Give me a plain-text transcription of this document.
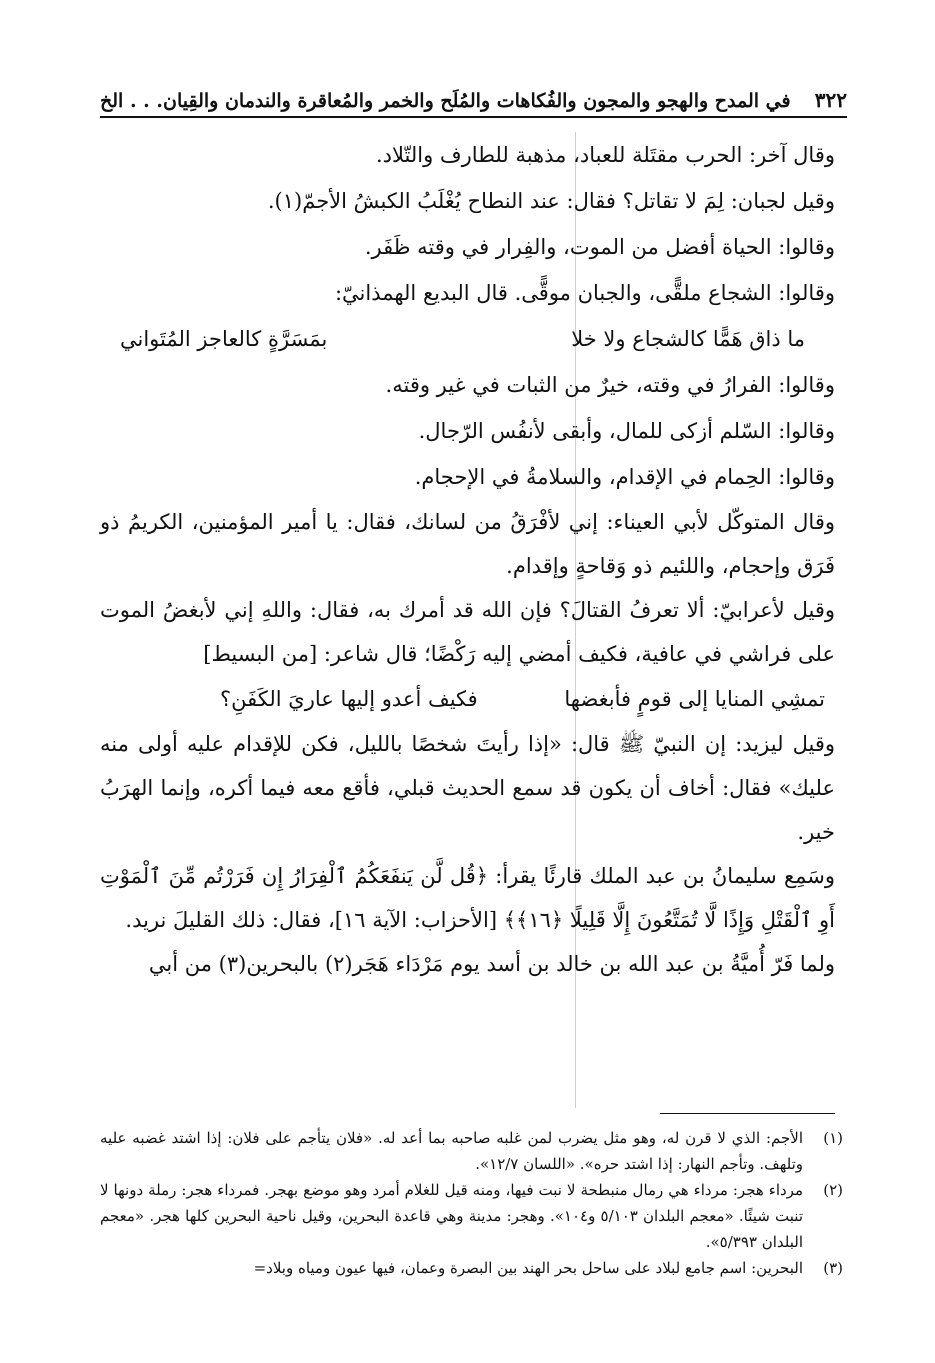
٣٢٢
في المدح والهجو والمجون والفُكاهات والمُلَح والخمر والمُعاقرة والندمان والقِيان. . . الخ

وقال آخر: الحرب مقتَلة للعباد، مذهبة للطارف والتّلاد.

وقيل لجبان: لِمَ لا تقاتل؟ فقال: عند النطاح يُغْلَبُ الكبشُ الأجمّ(١).

وقالوا: الحياة أفضل من الموت، والفِرار في وقته ظَفَر.

وقالوا: الشجاع ملقًّى، والجبان موقًّى. قال البديع الهمذانيّ:

ما ذاق هَمًّا كالشجاع ولا خلا
بمَسَرَّةٍ كالعاجز المُتَواني

وقالوا: الفرارُ في وقته، خيرٌ من الثبات في غير وقته.

وقالوا: السّلم أزكى للمال، وأبقى لأنفُس الرّجال.

وقالوا: الحِمام في الإقدام، والسلامةُ في الإحجام.

وقال المتوكّل لأبي العيناء: إني لأفْرَقُ من لسانك، فقال: يا أمير المؤمنين، الكريمُ ذو فَرَق وإحجام، واللئيم ذو وَقاحةٍ وإقدام.

وقيل لأعرابيّ: ألا تعرفُ القتالَ؟ فإن الله قد أمرك به، فقال: واللهِ إني لأبغضُ الموت على فراشي في عافية، فكيف أمضي إليه رَكْضًا؛ قال شاعر: [من البسيط]

تمشِي المنايا إلى قومٍ فأبغضها
فكيف أعدو إليها عاريَ الكَفَنِ؟

وقيل ليزيد: إن النبيّ ﷺ قال: «إذا رأيتَ شخصًا بالليل، فكن للإقدام عليه أولى منه عليك» فقال: أخاف أن يكون قد سمع الحديث قبلي، فأقع معه فيما أكره، وإنما الهرَبُ خير.

وسَمِع سليمانُ بن عبد الملك قارئًا يقرأ: ﴿قُل لَّن يَنفَعَكُمُ ٱلْفِرَارُ إِن فَرَرْتُم مِّنَ ٱلْمَوْتِ أَوِ ٱلْقَتْلِ وَإِذًا لَّا تُمَتَّعُونَ إِلَّا قَلِيلًا ﴿١٦﴾﴾ [الأحزاب: الآية ١٦]، فقال: ذلك القليلَ نريد.

ولما فَرّ أُميَّةُ بن عبد الله بن خالد بن أسد يوم مَرْدَاء هَجَر(٢) بالبحرين(٣) من أبي

(١)
الأجم: الذي لا قرن له، وهو مثل يضرب لمن غلبه صاحبه بما أعد له. «فلان يتأجم على فلان: إذا اشتد غضبه عليه وتلهف. وتأجم النهار: إذا اشتد حره». «اللسان ١٢/٧».
(٢)
مرداء هجر: مرداء هي رمال منبطحة لا نبت فيها، ومنه قيل للغلام أمرد وهو موضع بهجر. فمرداء هجر: رملة دونها لا تنبت شيئًا. «معجم البلدان ٥/١٠٣ و١٠٤». وهجر: مدينة وهي قاعدة البحرين، وقيل ناحية البحرين كلها هجر. «معجم البلدان ٥/٣٩٣».
(٣)
البحرين: اسم جامع لبلاد على ساحل بحر الهند بين البصرة وعمان، فيها عيون ومياه وبلاد=
